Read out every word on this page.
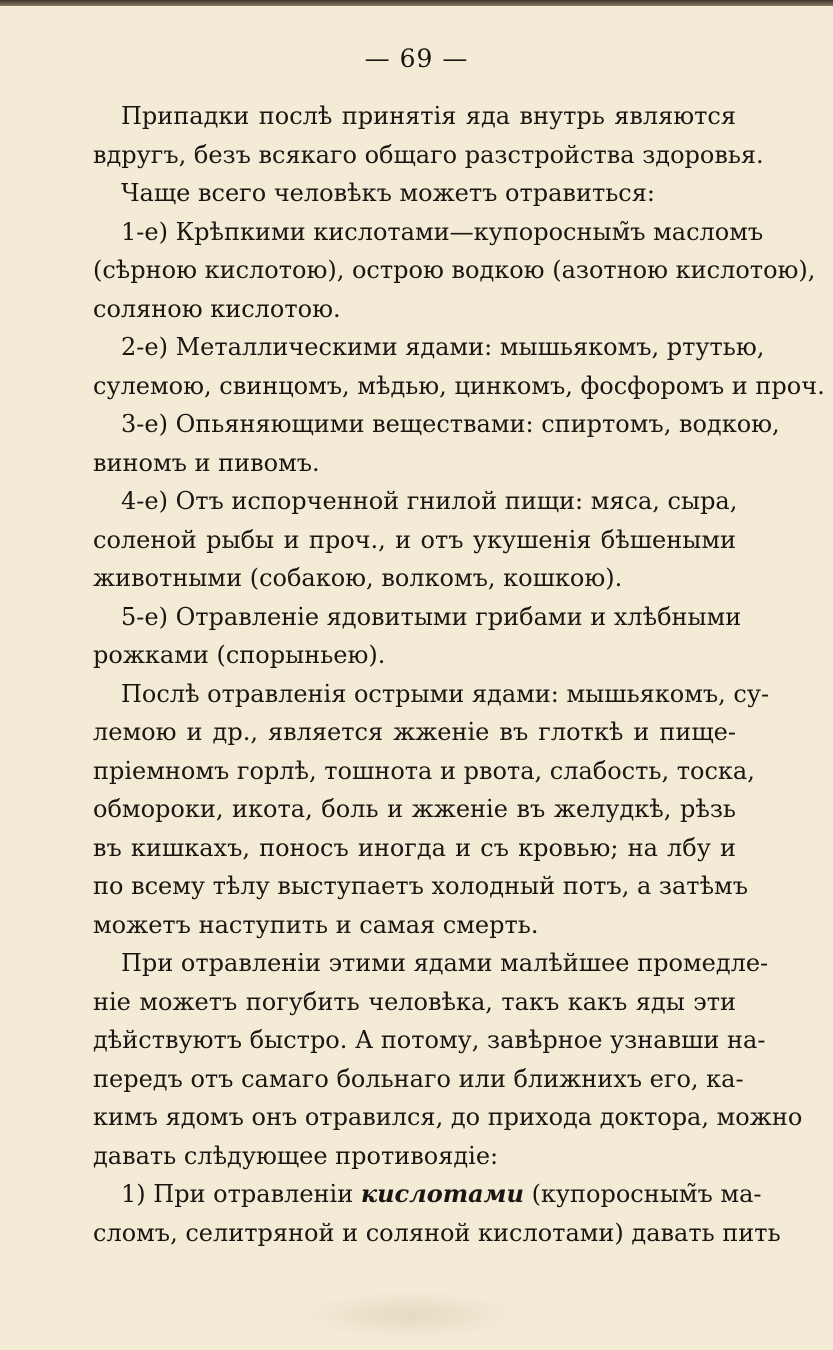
— 69 —
Припадки послѣ принятія яда внутрь являются
вдругъ, безъ всякаго общаго разстройства здоровья.
Чаще всего человѣкъ можетъ отравиться:
1-е) Крѣпкими кислотами—купоросным̃ъ масломъ
(сѣрною кислотою), острою водкою (азотною кислотою),
соляною кислотою.
2-е) Металлическими ядами: мышьякомъ, ртутью,
сулемою, свинцомъ, мѣдью, цинкомъ, фосфоромъ и проч.
3-е) Опьяняющими веществами: спиртомъ, водкою,
виномъ и пивомъ.
4-е) Отъ испорченной гнилой пищи: мяса, сыра,
соленой рыбы и проч., и отъ укушенія бѣшеными
животными (собакою, волкомъ, кошкою).
5-е) Отравленіе ядовитыми грибами и хлѣбными
рожками (спорыньею).
Послѣ отравленія острыми ядами: мышьякомъ, су-
лемою и др., является жженіе въ глоткѣ и пище-
пріемномъ горлѣ, тошнота и рвота, слабость, тоска,
обмороки, икота, боль и жженіе въ желудкѣ, рѣзь
въ кишкахъ, поносъ иногда и съ кровью; на лбу и
по всему тѣлу выступаетъ холодный потъ, а затѣмъ
можетъ наступить и самая смерть.
При отравленіи этими ядами малѣйшее промедле-
ніе можетъ погубить человѣка, такъ какъ яды эти
дѣйствуютъ быстро. А потому, завѣрное узнавши на-
передъ отъ самаго больнаго или ближнихъ его, ка-
кимъ ядомъ онъ отравился, до прихода доктора, можно
давать слѣдующее противоядіе:
1) При отравленіи кислотами (купоросным̃ъ ма-
сломъ, селитряной и соляной кислотами) давать пить
